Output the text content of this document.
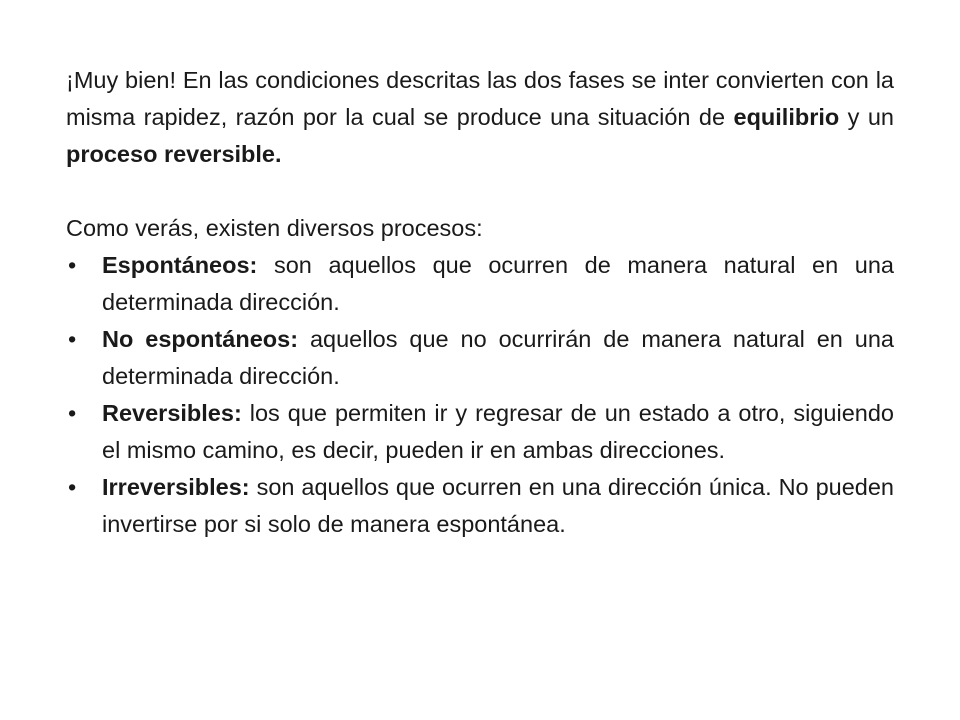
¡Muy bien! En las condiciones descritas las dos fases se inter convierten con la misma rapidez, razón por la cual se produce una situación de equilibrio y un proceso reversible.

Como verás, existen diversos procesos:

•	Espontáneos: son aquellos que ocurren de manera natural en una determinada dirección.
•	No espontáneos: aquellos que no ocurrirán de manera natural en una determinada dirección.
•	Reversibles: los que permiten ir y regresar de un estado a otro, siguiendo el mismo camino, es decir, pueden ir en ambas direcciones.
•	Irreversibles: son aquellos que ocurren en una dirección única. No pueden invertirse por si solo de manera espontánea.
